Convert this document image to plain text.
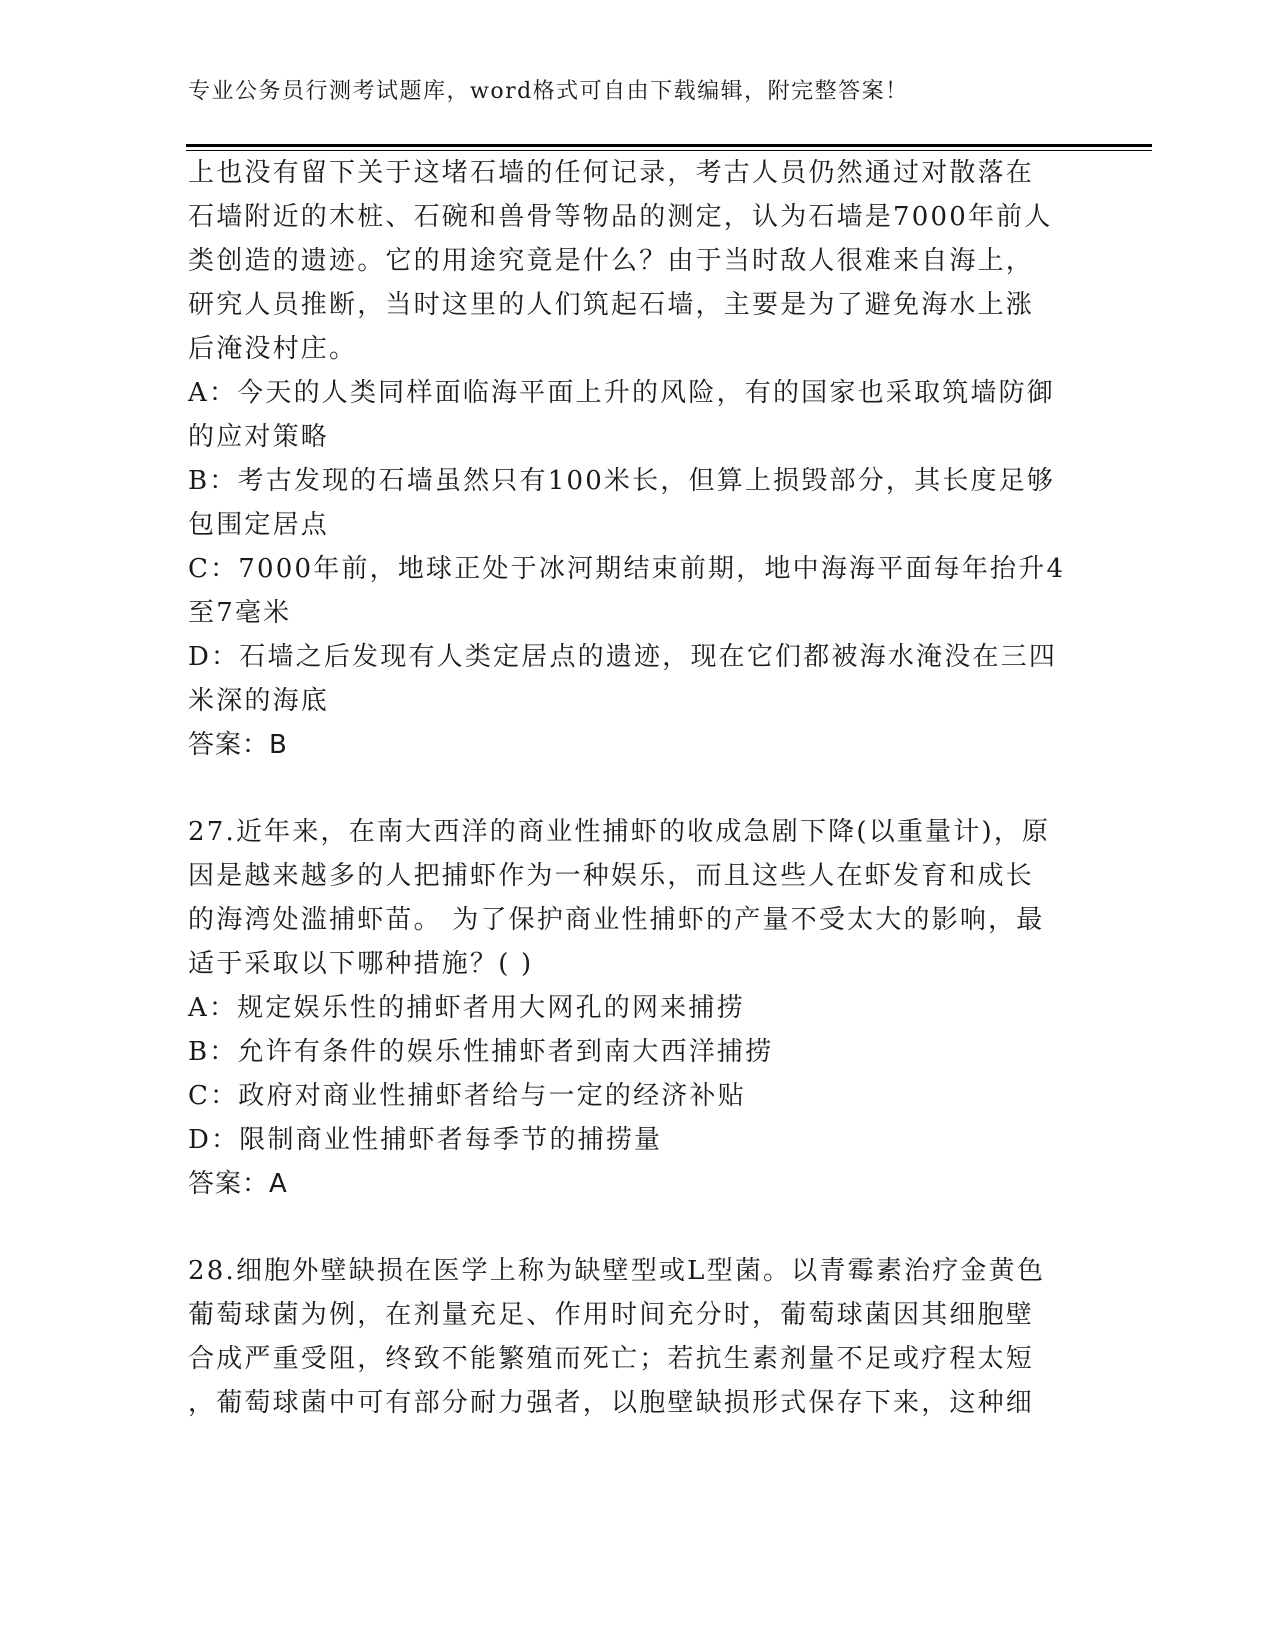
专业公务员行测考试题库，word格式可自由下载编辑，附完整答案！
上也没有留下关于这堵石墙的任何记录，考古人员仍然通过对散落在
石墙附近的木桩、石碗和兽骨等物品的测定，认为石墙是7000年前人
类创造的遗迹。它的用途究竟是什么？由于当时敌人很难来自海上，
研究人员推断，当时这里的人们筑起石墙，主要是为了避免海水上涨
后淹没村庄。
A：今天的人类同样面临海平面上升的风险，有的国家也采取筑墙防御
的应对策略
B：考古发现的石墙虽然只有100米长，但算上损毁部分，其长度足够
包围定居点
C：7000年前，地球正处于冰河期结束前期，地中海海平面每年抬升4
至7毫米
D：石墙之后发现有人类定居点的遗迹，现在它们都被海水淹没在三四
米深的海底
答案：B
27.近年来，在南大西洋的商业性捕虾的收成急剧下降(以重量计)，原
因是越来越多的人把捕虾作为一种娱乐，而且这些人在虾发育和成长
的海湾处滥捕虾苗。 为了保护商业性捕虾的产量不受太大的影响，最
适于采取以下哪种措施？( )
A：规定娱乐性的捕虾者用大网孔的网来捕捞
B：允许有条件的娱乐性捕虾者到南大西洋捕捞
C：政府对商业性捕虾者给与一定的经济补贴
D：限制商业性捕虾者每季节的捕捞量
答案：A
28.细胞外壁缺损在医学上称为缺壁型或L型菌。以青霉素治疗金黄色
葡萄球菌为例，在剂量充足、作用时间充分时，葡萄球菌因其细胞壁
合成严重受阻，终致不能繁殖而死亡；若抗生素剂量不足或疗程太短
，葡萄球菌中可有部分耐力强者，以胞壁缺损形式保存下来，这种细
